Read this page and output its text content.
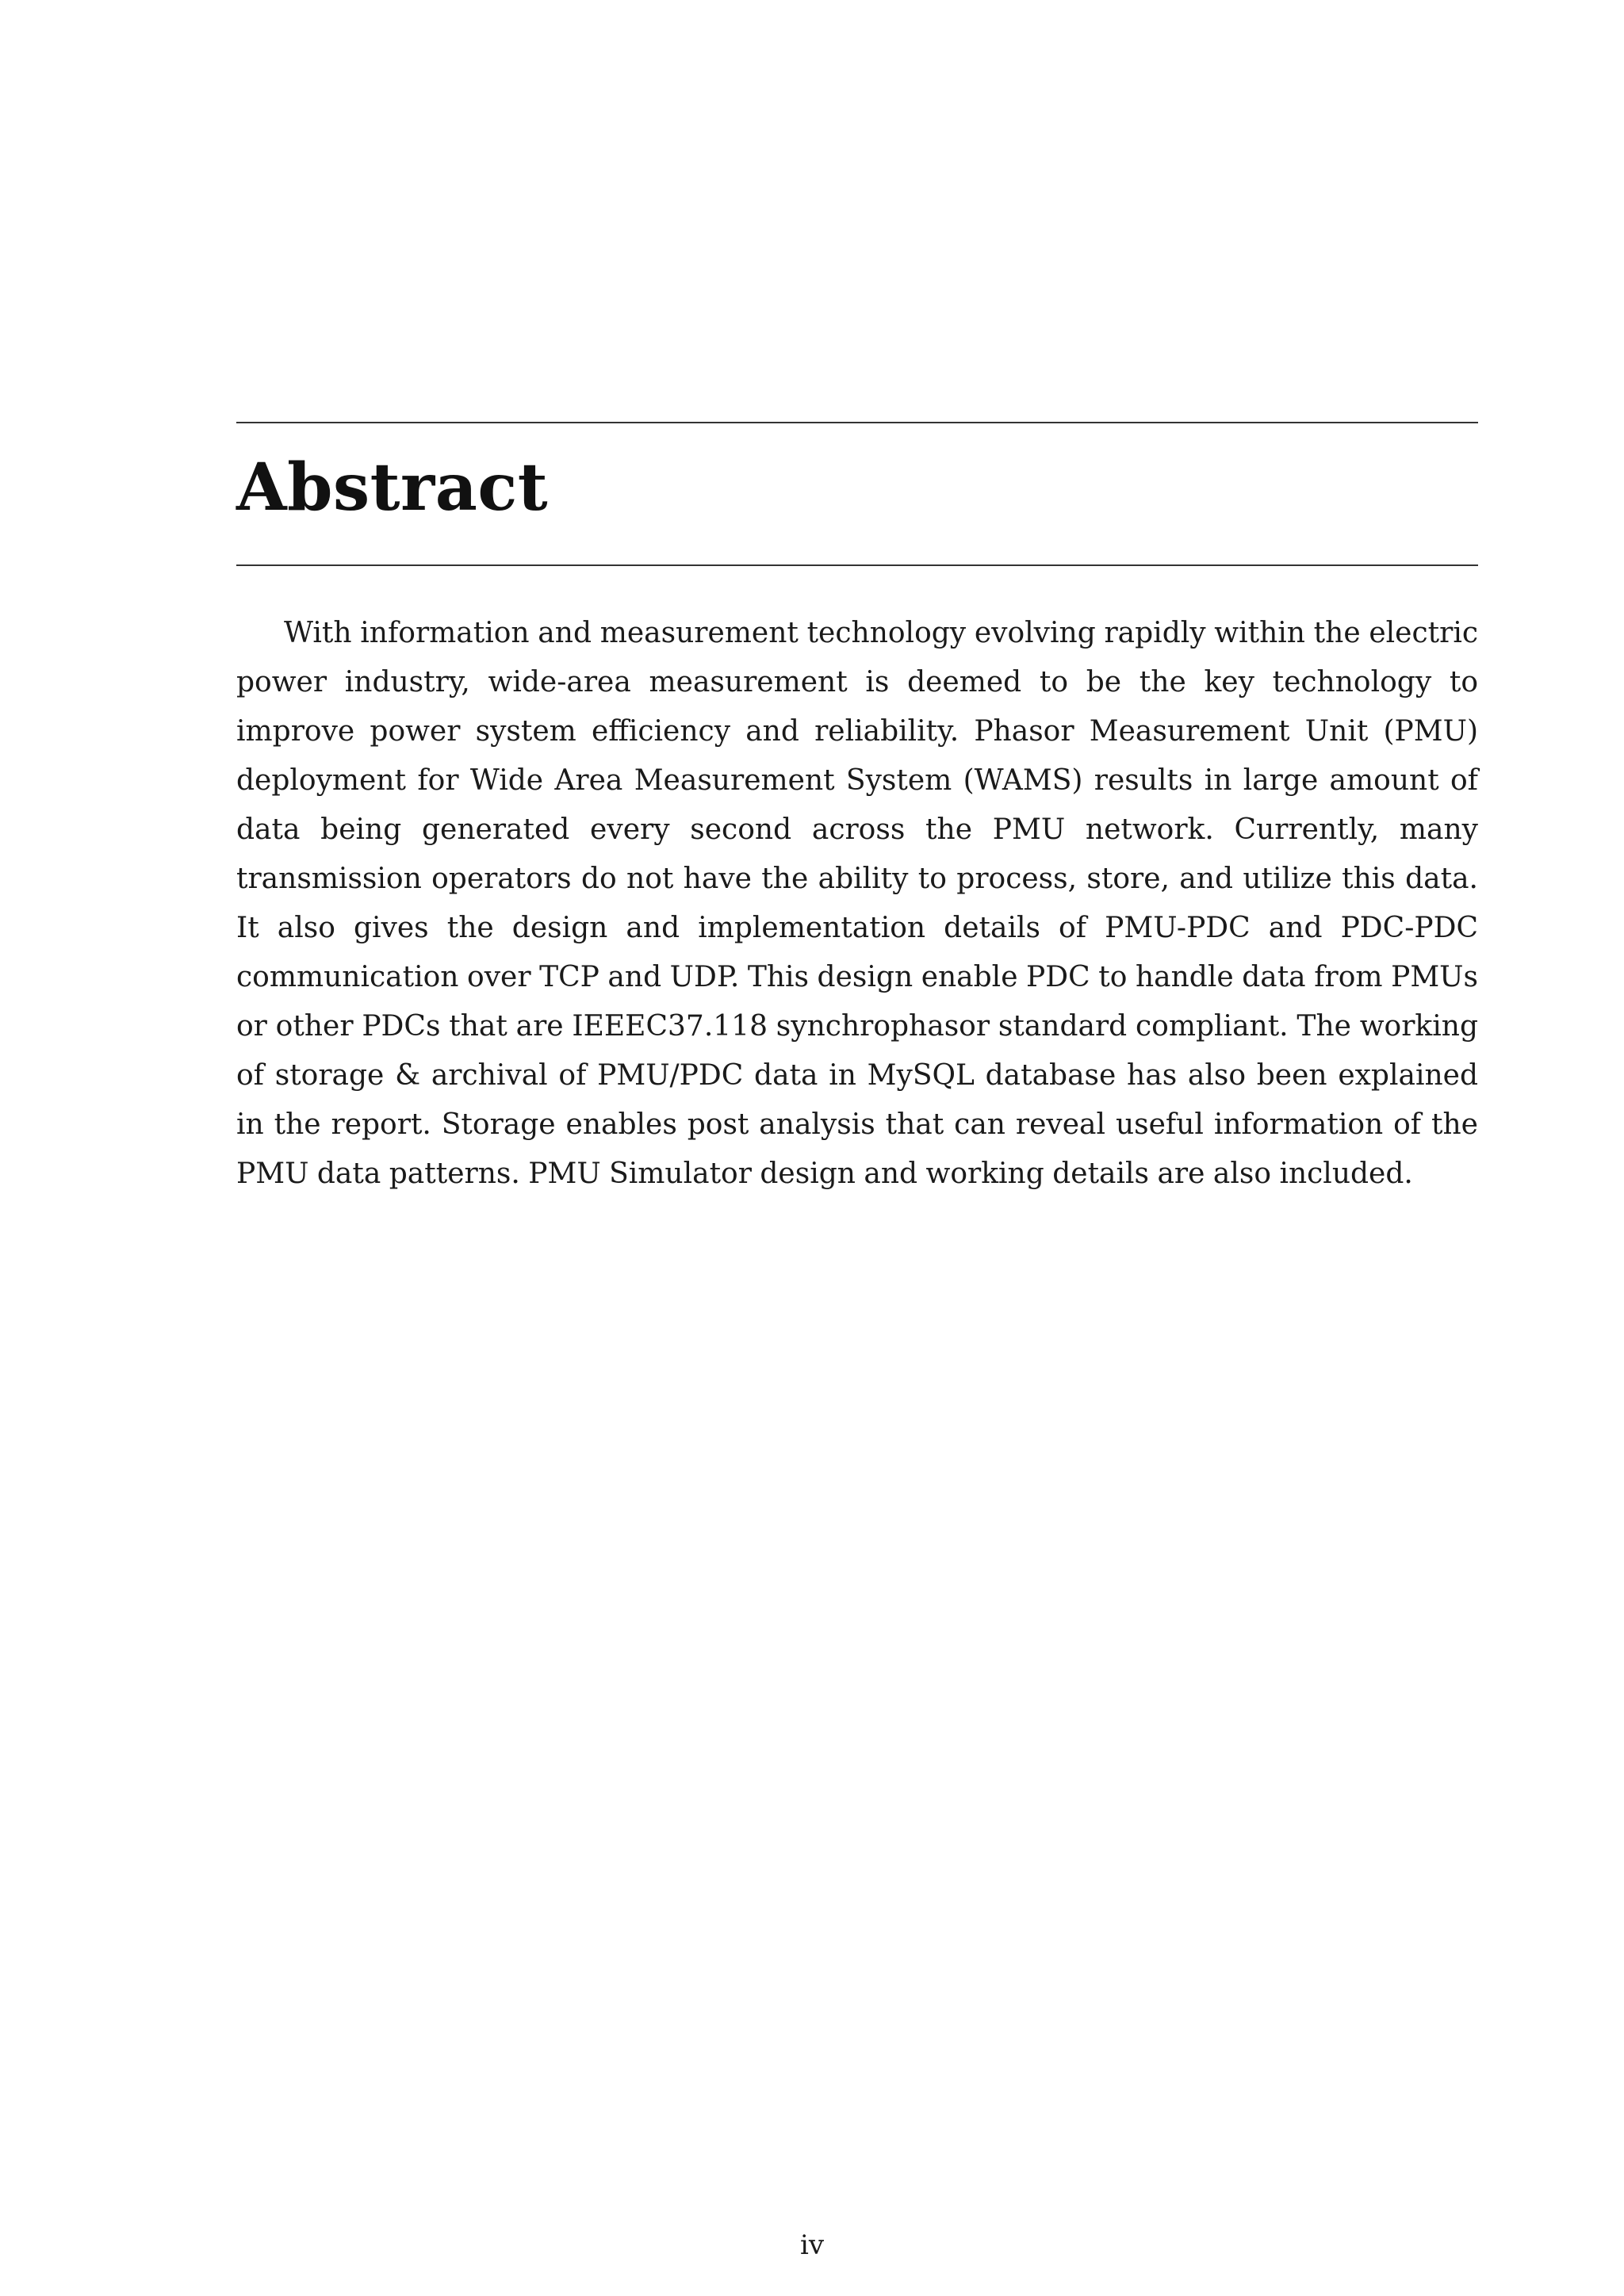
Abstract

With information and measurement technology evolving rapidly within the electric power industry, wide-area measurement is deemed to be the key technology to improve power system efficiency and reliability. Phasor Measurement Unit (PMU) deployment for Wide Area Measurement System (WAMS) results in large amount of data being generated every second across the PMU network. Currently, many transmission operators do not have the ability to process, store, and utilize this data. It also gives the design and implementation details of PMU-PDC and PDC-PDC communication over TCP and UDP. This design enable PDC to handle data from PMUs or other PDCs that are IEEEC37.118 synchrophasor standard compliant. The working of storage & archival of PMU/PDC data in MySQL database has also been explained in the report. Storage enables post analysis that can reveal useful information of the PMU data patterns. PMU Simulator design and working details are also included.

iv
